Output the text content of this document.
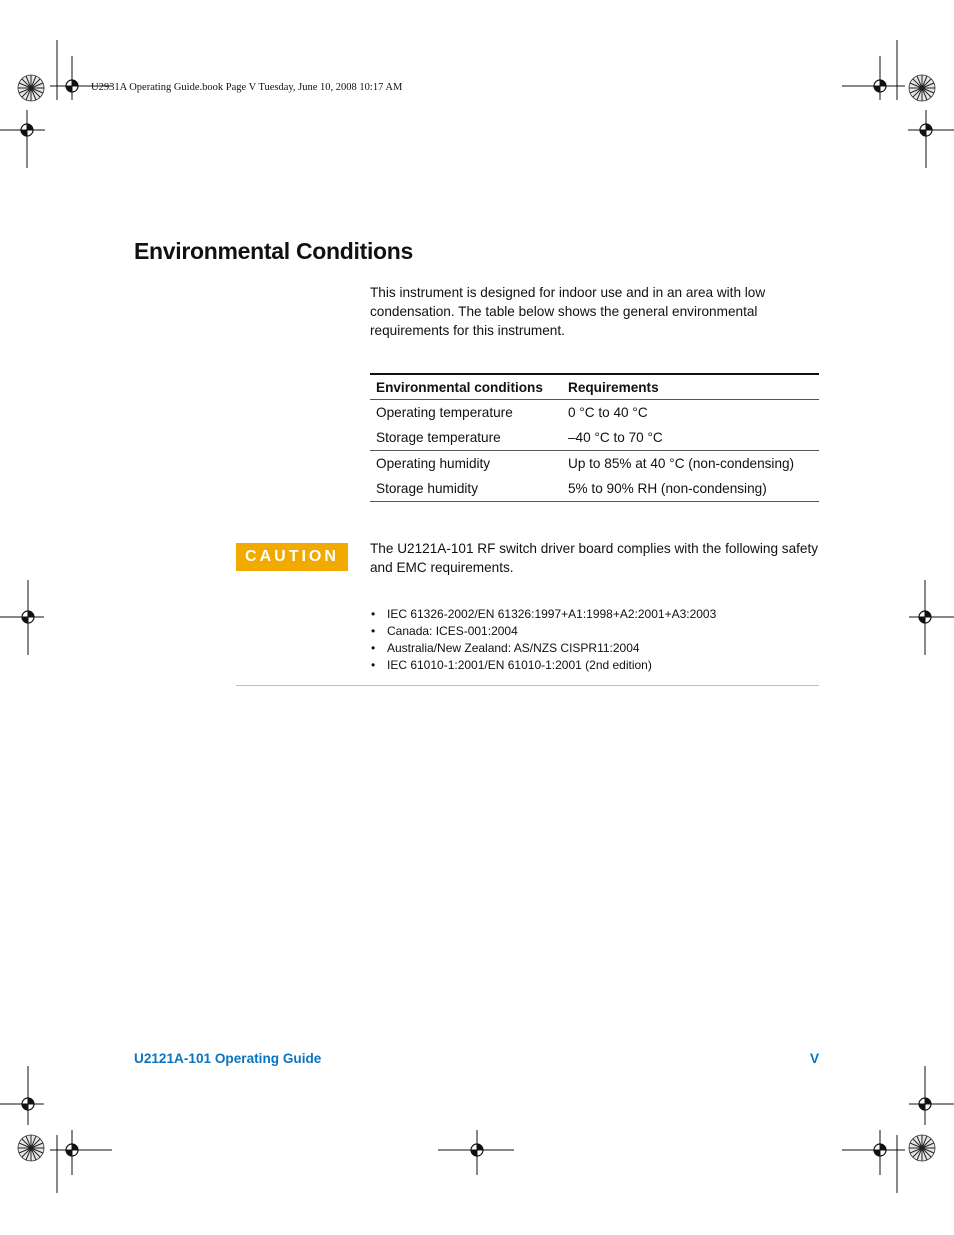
U2931A Operating Guide.book Page V Tuesday, June 10, 2008 10:17 AM
Environmental Conditions

This instrument is designed for indoor use and in an area with low condensation. The table below shows the general environmental requirements for this instrument.

Environmental conditions	Requirements
Operating temperature	0 °C to 40 °C
Storage temperature	–40 °C to 70 °C
Operating humidity	Up to 85% at 40 °C (non-condensing)
Storage humidity	5% to 90% RH (non-condensing)
CAUTION	The U2121A-101 RF switch driver board complies with the following safety and EMC requirements.

• IEC 61326-2002/EN 61326:1997+A1:1998+A2:2001+A3:2003
• Canada: ICES-001:2004
• Australia/New Zealand: AS/NZS CISPR11:2004
• IEC 61010-1:2001/EN 61010-1:2001 (2nd edition)
U2121A-101 Operating Guide	V
